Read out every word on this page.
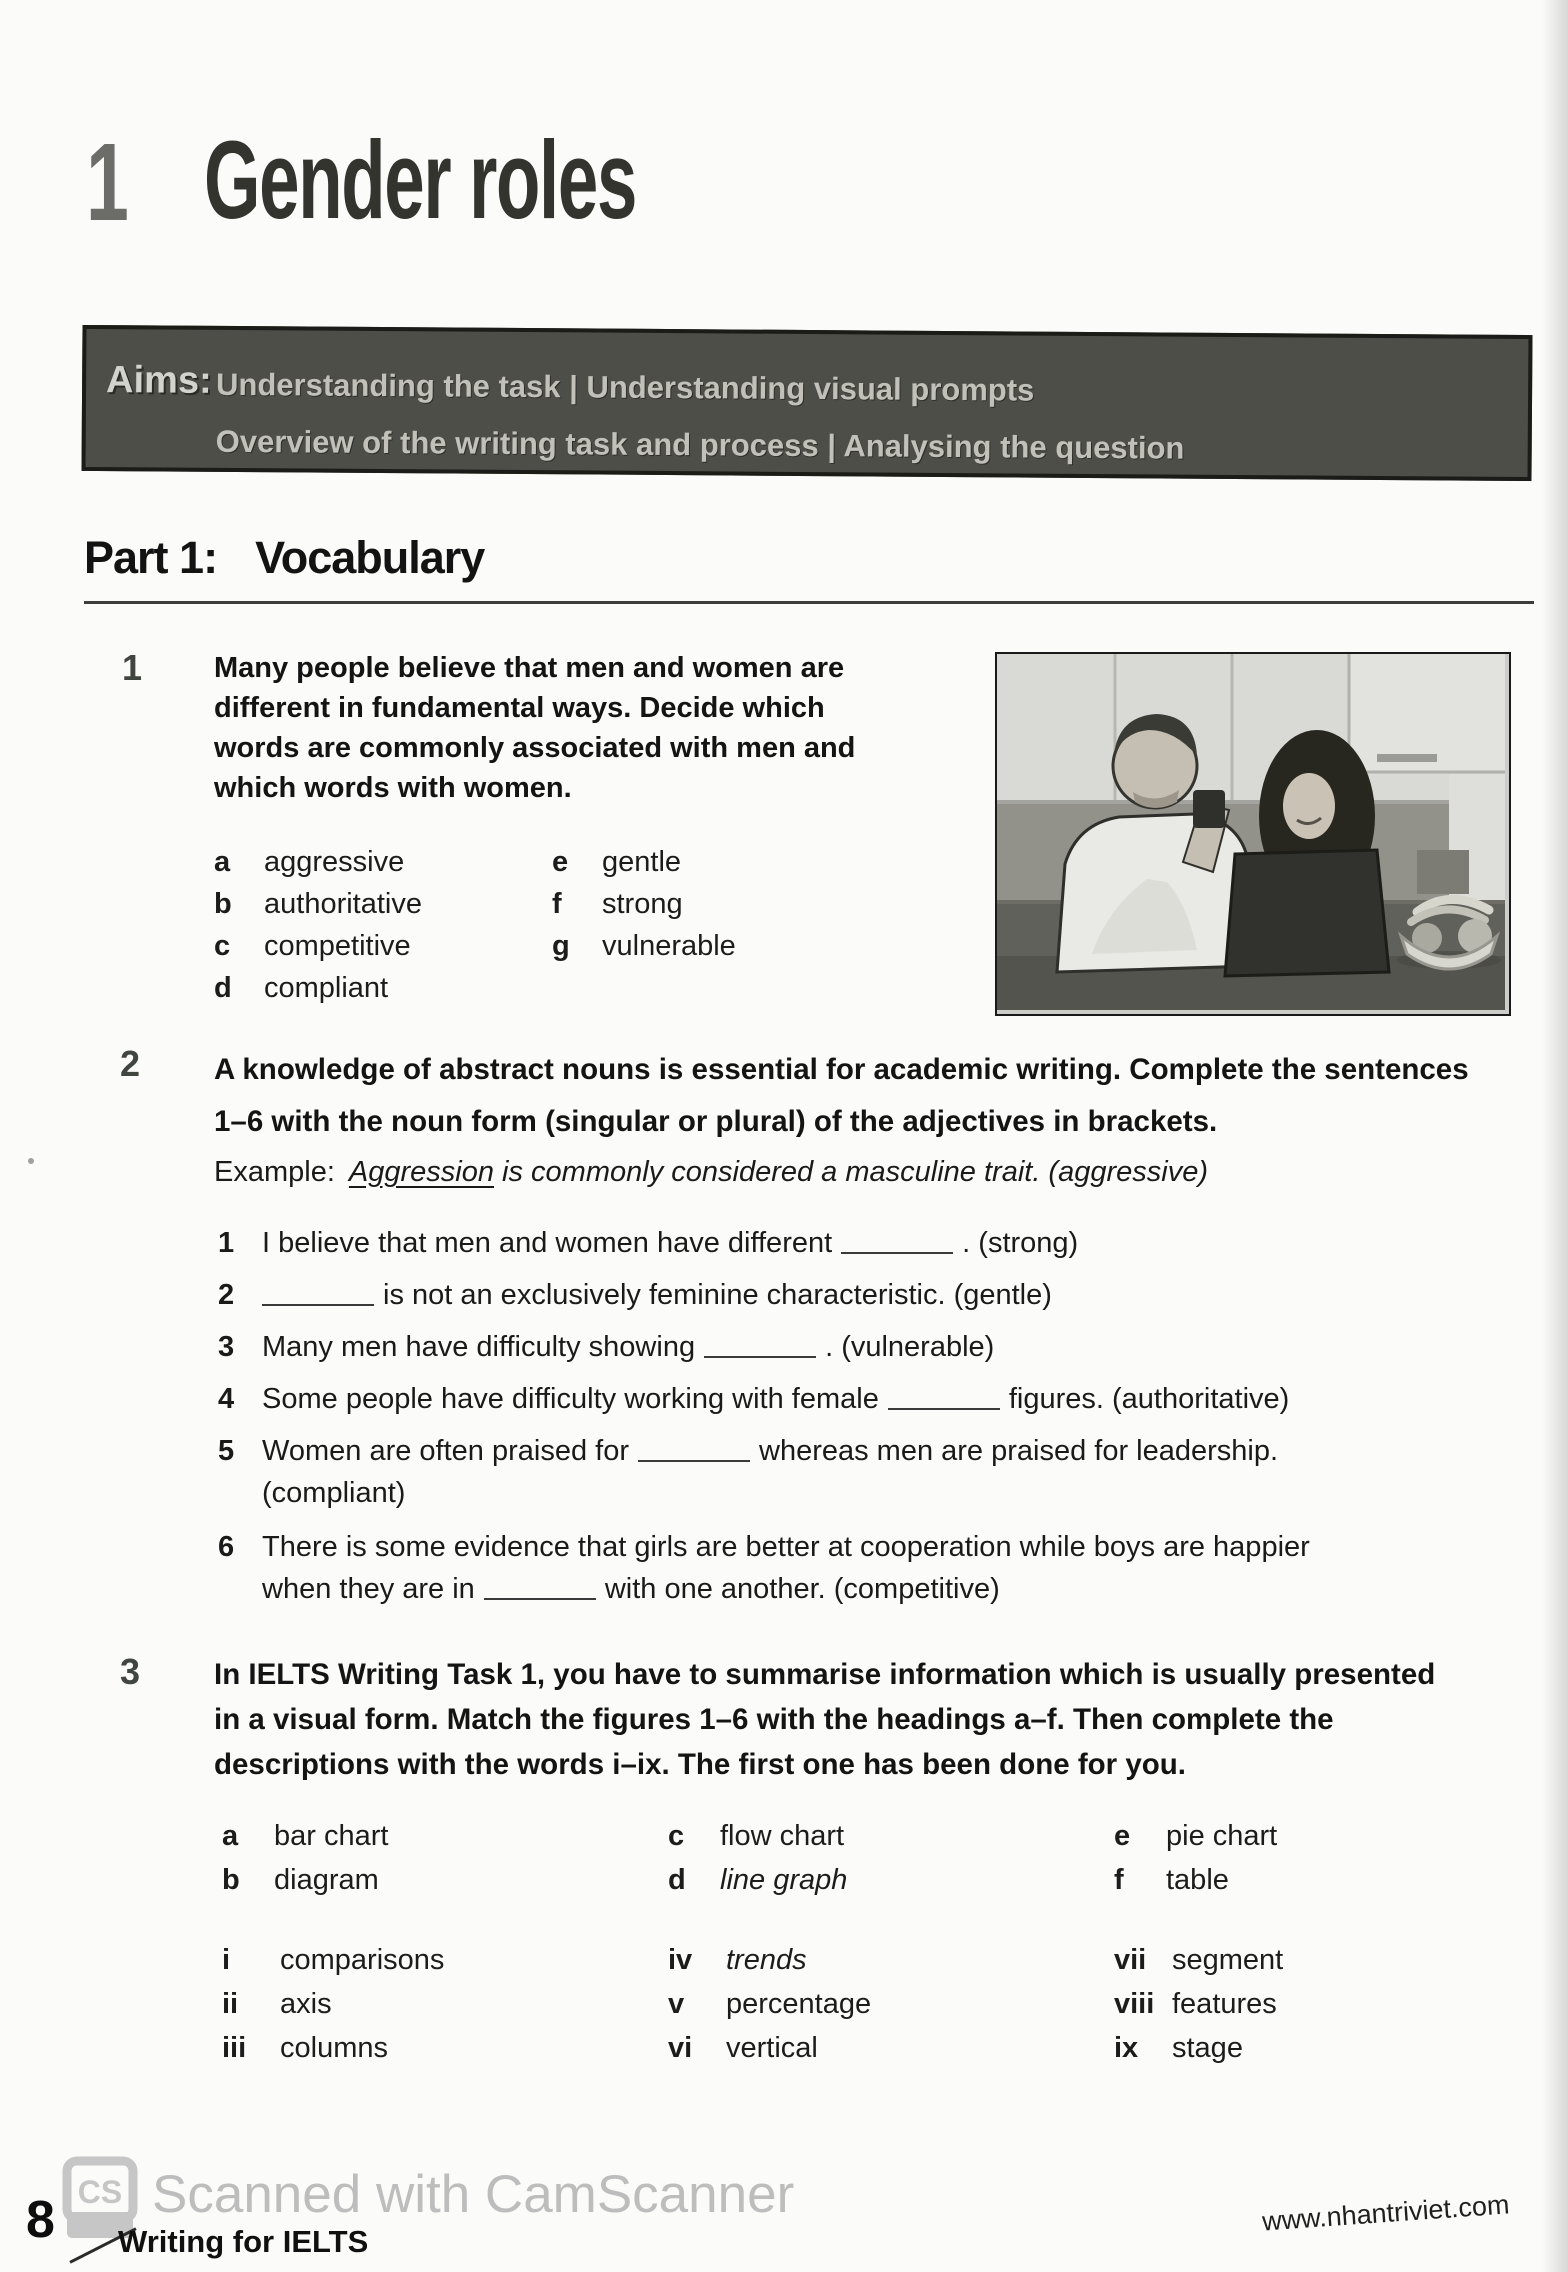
1 Gender roles
Aims: Understanding the task | Understanding visual prompts
Overview of the writing task and process | Analysing the question
Part 1: Vocabulary
1 Many people believe that men and women are
different in fundamental ways. Decide which
words are commonly associated with men and
which words with women.
a	aggressive
b	authoritative
c	competitive
d	compliant
e	gentle
f	strong
g	vulnerable
2	A knowledge of abstract nouns is essential for academic writing. Complete the sentences
1–6 with the noun form (singular or plural) of the adjectives in brackets.
Example: Aggression is commonly considered a masculine trait. (aggressive)
1 I believe that men and women have different	. (strong)
2	is not an exclusively feminine characteristic. (gentle)
3 Many men have difficulty showing	. (vulnerable)
4 Some people have difficulty working with female	figures. (authoritative)
5 Women are often praised for	whereas men are praised for leadership.
(compliant)
6 There is some evidence that girls are better at cooperation while boys are happier
when they are in	with one another. (competitive)
3	In IELTS Writing Task 1, you have to summarise information which is usually presented
in a visual form. Match the figures 1–6 with the headings a–f. Then complete the
descriptions with the words i–ix. The first one has been done for you.
a	bar chart
b	diagram
c	flow chart
d	line graph
e	pie chart
f	table
i	comparisons
ii	axis
iii	columns
iv	trends
v	percentage
vi	vertical
vii segment
viii features
ix	stage
8 CS Scanned with CamScanner
Writing for IELTS
www.nhantriviet.com
